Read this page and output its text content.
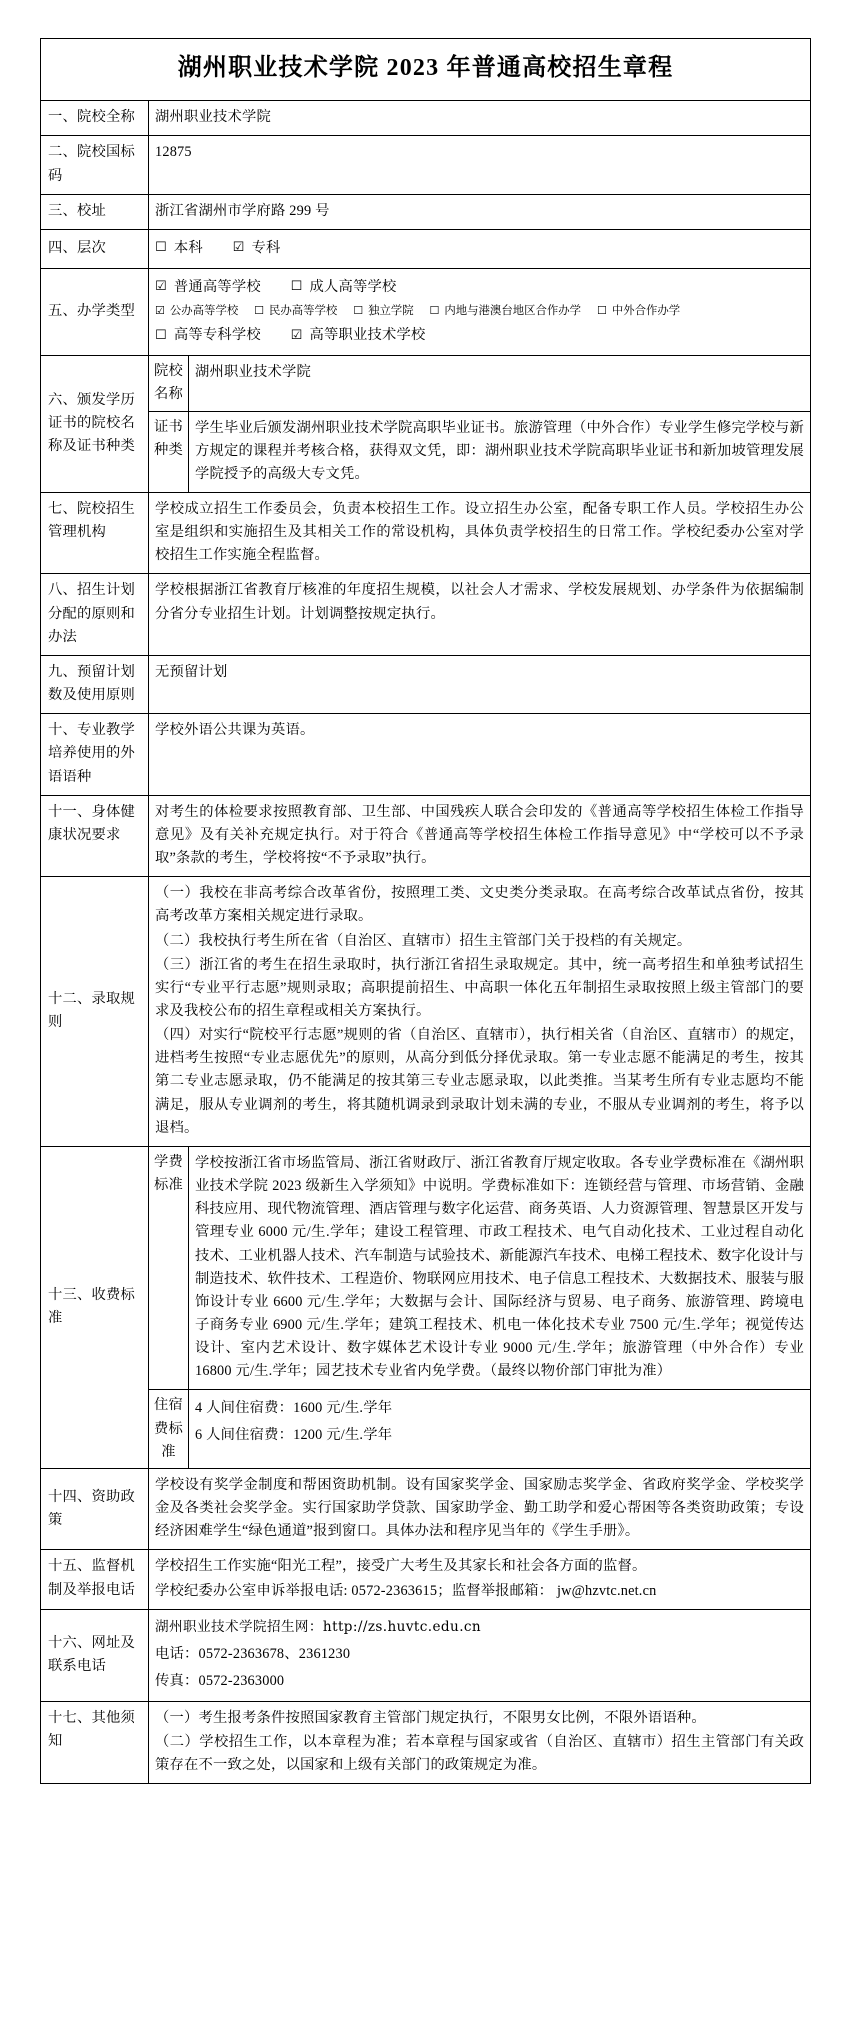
湖州职业技术学院 2023 年普通高校招生章程		
一、院校全称	湖州职业技术学院	
二、院校国标码	12875	
三、校址	浙江省湖州市学府路 299 号	
四、层次	☐ 本科 ☑ 专科	

五、办学类型	☑ 普通高等学校 ☐ 成人高等学校
☑ 公办高等学校 ☐ 民办高等学校 ☐ 独立学院 ☐ 内地与港澳台地区合作办学 ☐ 中外合作办学
☐ 高等专科学校 ☑ 高等职业技术学校	

六、颁发学历证书的院校名称及证书种类	院校名称	湖州职业技术学院
	证书种类	学生毕业后颁发湖州职业技术学院高职毕业证书。旅游管理（中外合作）专业学生修完学校与新方规定的课程并考核合格，获得双文凭，即：湖州职业技术学院高职毕业证书和新加坡管理发展学院授予的高级大专文凭。

七、院校招生管理机构	学校成立招生工作委员会，负责本校招生工作。设立招生办公室，配备专职工作人员。学校招生办公室是组织和实施招生及其相关工作的常设机构，具体负责学校招生的日常工作。学校纪委办公室对学校招生工作实施全程监督。	

八、招生计划分配的原则和办法	学校根据浙江省教育厅核准的年度招生规模，以社会人才需求、学校发展规划、办学条件为依据编制分省分专业招生计划。计划调整按规定执行。	

九、预留计划数及使用原则	无预留计划	
十、专业教学培养使用的外语语种	学校外语公共课为英语。	
十一、身体健康状况要求	对考生的体检要求按照教育部、卫生部、中国残疾人联合会印发的《普通高等学校招生体检工作指导意见》及有关补充规定执行。对于符合《普通高等学校招生体检工作指导意见》中“学校可以不予录取”条款的考生，学校将按“不予录取”执行。	

十二、录取规则	（一）我校在非高考综合改革省份，按照理工类、文史类分类录取。在高考综合改革试点省份，按其高考改革方案相关规定进行录取。

（二）我校执行考生所在省（自治区、直辖市）招生主管部门关于投档的有关规定。

（三）浙江省的考生在招生录取时，执行浙江省招生录取规定。其中，统一高考招生和单独考试招生实行“专业平行志愿”规则录取；高职提前招生、中高职一体化五年制招生录取按照上级主管部门的要求及我校公布的招生章程或相关方案执行。

（四）对实行“院校平行志愿”规则的省（自治区、直辖市），执行相关省（自治区、直辖市）的规定，进档考生按照“专业志愿优先”的原则，从高分到低分择优录取。第一专业志愿不能满足的考生，按其第二专业志愿录取，仍不能满足的按其第三专业志愿录取，以此类推。当某考生所有专业志愿均不能满足，服从专业调剂的考生，将其随机调录到录取计划未满的专业，不服从专业调剂的考生，将予以退档。	

十三、收费标准	学费标准	学校按浙江省市场监管局、浙江省财政厅、浙江省教育厅规定收取。各专业学费标准在《湖州职业技术学院 2023 级新生入学须知》中说明。学费标准如下：连锁经营与管理、市场营销、金融科技应用、现代物流管理、酒店管理与数字化运营、商务英语、人力资源管理、智慧景区开发与管理专业 6000 元/生.学年；建设工程管理、市政工程技术、电气自动化技术、工业过程自动化技术、工业机器人技术、汽车制造与试验技术、新能源汽车技术、电梯工程技术、数字化设计与制造技术、软件技术、工程造价、物联网应用技术、电子信息工程技术、大数据技术、服装与服饰设计专业 6600 元/生.学年；大数据与会计、国际经济与贸易、电子商务、旅游管理、跨境电子商务专业 6900 元/生.学年；建筑工程技术、机电一体化技术专业 7500 元/生.学年；视觉传达设计、室内艺术设计、数字媒体艺术设计专业 9000 元/生.学年；旅游管理（中外合作）专业 16800 元/生.学年；园艺技术专业省内免学费。（最终以物价部门审批为准）

	住宿费标准	4 人间住宿费：1600 元/生.学年
6 人间住宿费：1200 元/生.学年

十四、资助政策	学校设有奖学金制度和帮困资助机制。设有国家奖学金、国家励志奖学金、省政府奖学金、学校奖学金及各类社会奖学金。实行国家助学贷款、国家助学金、勤工助学和爱心帮困等各类资助政策；专设经济困难学生“绿色通道”报到窗口。具体办法和程序见当年的《学生手册》。	

十五、监督机制及举报电话	学校招生工作实施“阳光工程”，接受广大考生及其家长和社会各方面的监督。

学校纪委办公室申诉举报电话: 0572-2363615；监督举报邮箱： jw@hzvtc.net.cn	

十六、网址及联系电话	湖州职业技术学院招生网：http://zs.huvtc.edu.cn
电话：0572-2363678、2361230
传真：0572-2363000	

十七、其他须知	（一）考生报考条件按照国家教育主管部门规定执行，不限男女比例，不限外语语种。

（二）学校招生工作，以本章程为准；若本章程与国家或省（自治区、直辖市）招生主管部门有关政策存在不一致之处，以国家和上级有关部门的政策规定为准。	
